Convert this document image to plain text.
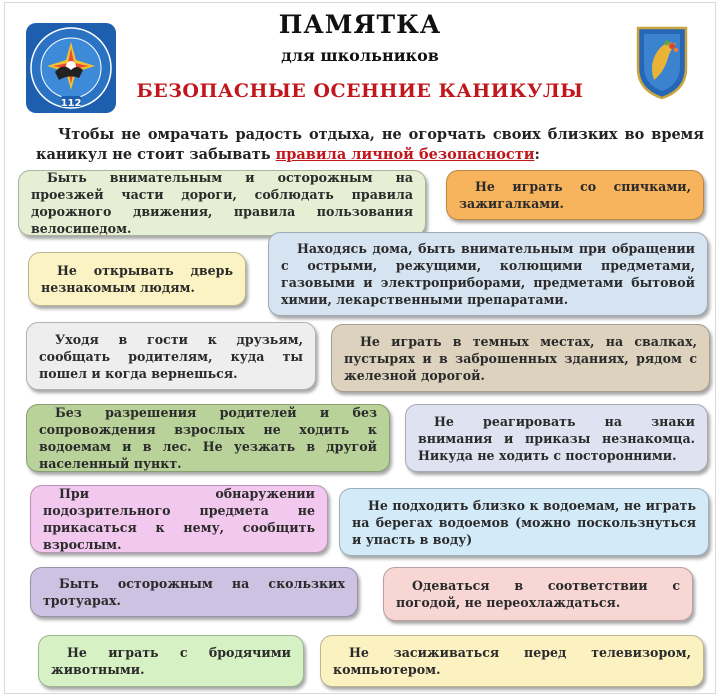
112
ПАМЯТКА
для школьников
БЕЗОПАСНЫЕ ОСЕННИЕ КАНИКУЛЫ
Чтобы не омрачать радость отдыха, не огорчать своих близких во время каникул не стоит забывать правила личной безопасности:
Быть внимательным и осторожным на проезжей части дороги, соблюдать правила дорожного движения, правила пользования велосипедом.
Не играть со спичками, зажигалками.
Не открывать дверь незнакомым людям.
Находясь дома, быть внимательным при обращении с острыми, режущими, колющими предметами, газовыми и электроприборами, предметами бытовой химии, лекарственными препаратами.
Уходя в гости к друзьям, сообщать родителям, куда ты пошел и когда вернешься.
Не играть в темных местах, на свалках, пустырях и в заброшенных зданиях, рядом с железной дорогой.
Без разрешения родителей и без сопровождения взрослых не ходить к водоемам и в лес. Не уезжать в другой населенный пункт.
Не реагировать на знаки внимания и приказы незнакомца. Никуда не ходить с посторонними.
При обнаружении подозрительного предмета не прикасаться к нему, сообщить взрослым.
Не подходить близко к водоемам, не играть на берегах водоемов (можно поскользнуться и упасть в воду)
Быть осторожным на скользких тротуарах.
Одеваться в соответствии с погодой, не переохлаждаться.
Не играть с бродячими животными.
Не засиживаться перед телевизором, компьютером.
